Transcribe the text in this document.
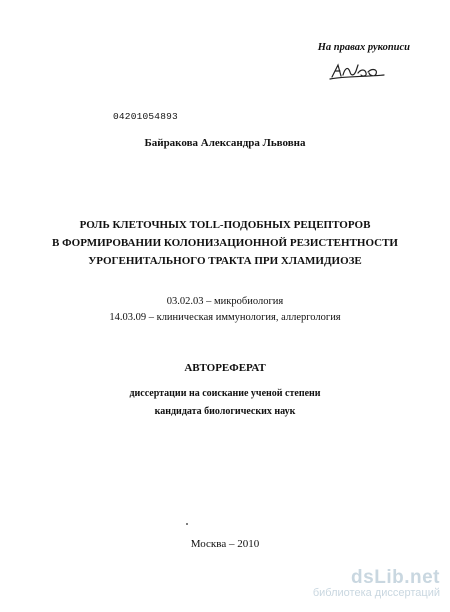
На правах рукописи
04201054893
Байракова Александра Львовна
РОЛЬ КЛЕТОЧНЫХ TOLL-ПОДОБНЫХ РЕЦЕПТОРОВ
В ФОРМИРОВАНИИ КОЛОНИЗАЦИОННОЙ РЕЗИСТЕНТНОСТИ
УРОГЕНИТАЛЬНОГО ТРАКТА ПРИ ХЛАМИДИОЗЕ
03.02.03 – микробиология
14.03.09 – клиническая иммунология, аллергология
АВТОРЕФЕРАТ
диссертации на соискание ученой степени
кандидата биологических наук
Москва – 2010
dsLib.net
библиотека диссертаций
